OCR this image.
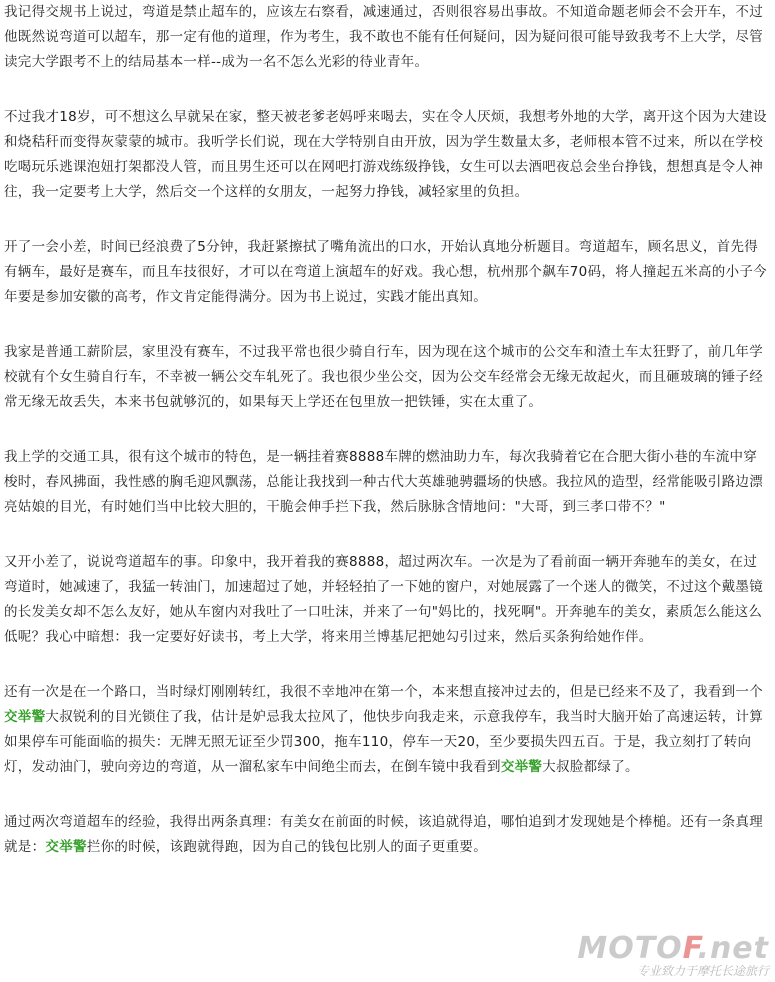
我记得交规书上说过，弯道是禁止超车的，应该左右察看，减速通过，否则很容易出事故。不知道命题老师会不会开车，不过他既然说弯道可以超车，那一定有他的道理，作为考生，我不敢也不能有任何疑问，因为疑问很可能导致我考不上大学，尽管读完大学跟考不上的结局基本一样--成为一名不怎么光彩的待业青年。

不过我才18岁，可不想这么早就呆在家，整天被老爹老妈呼来喝去，实在令人厌烦，我想考外地的大学，离开这个因为大建设和烧秸秆而变得灰蒙蒙的城市。我听学长们说，现在大学特别自由开放，因为学生数量太多，老师根本管不过来，所以在学校吃喝玩乐逃课泡妞打架都没人管，而且男生还可以在网吧打游戏练级挣钱，女生可以去酒吧夜总会坐台挣钱，想想真是令人神往，我一定要考上大学，然后交一个这样的女朋友，一起努力挣钱，减轻家里的负担。

开了一会小差，时间已经浪费了5分钟，我赶紧擦拭了嘴角流出的口水，开始认真地分析题目。弯道超车，顾名思义，首先得有辆车，最好是赛车，而且车技很好，才可以在弯道上演超车的好戏。我心想，杭州那个飙车70码，将人撞起五米高的小子今年要是参加安徽的高考，作文肯定能得满分。因为书上说过，实践才能出真知。

我家是普通工薪阶层，家里没有赛车，不过我平常也很少骑自行车，因为现在这个城市的公交车和渣土车太狂野了，前几年学校就有个女生骑自行车，不幸被一辆公交车轧死了。我也很少坐公交，因为公交车经常会无缘无故起火，而且砸玻璃的锤子经常无缘无故丢失，本来书包就够沉的，如果每天上学还在包里放一把铁锤，实在太重了。

我上学的交通工具，很有这个城市的特色，是一辆挂着赛8888车牌的燃油助力车，每次我骑着它在合肥大街小巷的车流中穿梭时，春风拂面，我性感的胸毛迎风飘荡，总能让我找到一种古代大英雄驰骋疆场的快感。我拉风的造型，经常能吸引路边漂亮姑娘的目光，有时她们当中比较大胆的，干脆会伸手拦下我，然后脉脉含情地问："大哥，到三孝口带不？"

又开小差了，说说弯道超车的事。印象中，我开着我的赛8888，超过两次车。一次是为了看前面一辆开奔驰车的美女，在过弯道时，她减速了，我猛一转油门，加速超过了她，并轻轻拍了一下她的窗户，对她展露了一个迷人的微笑，不过这个戴墨镜的长发美女却不怎么友好，她从车窗内对我吐了一口吐沫，并来了一句"妈比的，找死啊"。开奔驰车的美女，素质怎么能这么低呢？我心中暗想：我一定要好好读书，考上大学，将来用兰博基尼把她勾引过来，然后买条狗给她作伴。

还有一次是在一个路口，当时绿灯刚刚转红，我很不幸地冲在第一个，本来想直接冲过去的，但是已经来不及了，我看到一个交举警大叔锐利的目光锁住了我，估计是妒忌我太拉风了，他快步向我走来，示意我停车，我当时大脑开始了高速运转，计算如果停车可能面临的损失：无牌无照无证至少罚300，拖车110，停车一天20，至少要损失四五百。于是，我立刻打了转向灯，发动油门，驶向旁边的弯道，从一溜私家车中间绝尘而去，在倒车镜中我看到交举警大叔脸都绿了。

通过两次弯道超车的经验，我得出两条真理：有美女在前面的时候，该追就得追，哪怕追到才发现她是个棒槌。还有一条真理就是：交举警拦你的时候，该跑就得跑，因为自己的钱包比别人的面子更重要。

MOTOF.net
专业致力于摩托长途旅行
